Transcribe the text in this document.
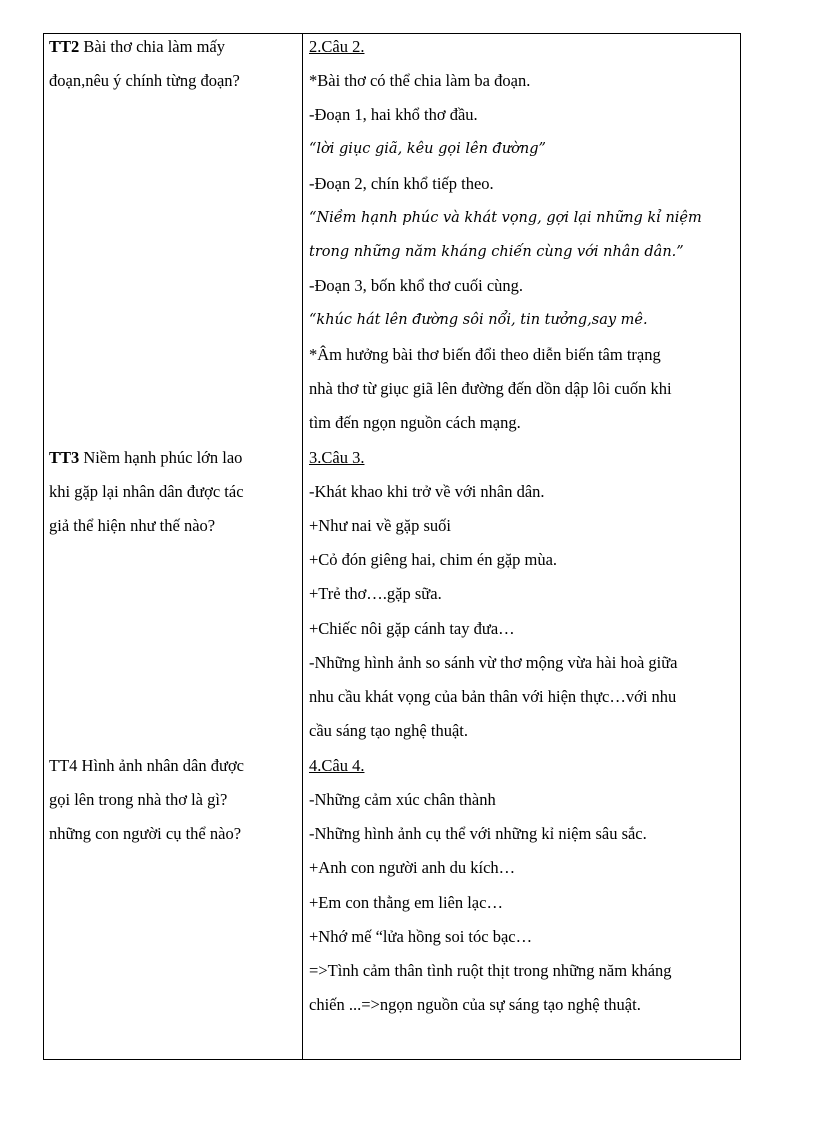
TT2 Bài thơ chia làm mấy
đoạn,nêu ý chính từng đoạn?
TT3 Niềm hạnh phúc lớn lao
khi gặp lại nhân dân được tác
giả thể hiện như thế nào?
TT4 Hình ảnh nhân dân được
gọi lên trong nhà thơ là gì?
những con người cụ thể nào?
2.Câu 2.
*Bài thơ có thể chia làm ba đoạn.
-Đoạn 1, hai khổ thơ đầu.
“lời giục giã, kêu gọi lên đường”
-Đoạn 2, chín khổ tiếp theo.
“Niềm hạnh phúc và khát vọng, gợi lại những kỉ niệm
trong những năm kháng chiến cùng với nhân dân.”
-Đoạn 3, bốn khổ thơ cuối cùng.
“khúc hát lên đường sôi nổi, tin tưởng,say mê.
*Âm hưởng bài thơ biến đổi theo diễn biến tâm trạng
nhà thơ từ giục giã lên đường đến dồn dập lôi cuốn khi
tìm đến ngọn nguồn cách mạng.
3.Câu 3.
-Khát khao khi trở về với nhân dân.
+Như nai về gặp suối
+Cỏ đón giêng hai, chim én gặp mùa.
+Trẻ thơ….gặp sữa.
+Chiếc nôi gặp cánh tay đưa…
-Những hình ảnh so sánh vừ thơ mộng vừa hài hoà giữa
nhu cầu khát vọng của bản thân với hiện thực…với nhu
cầu sáng tạo nghệ thuật.
4.Câu 4.
-Những cảm xúc chân thành
-Những hình ảnh cụ thể với những kỉ niệm sâu sắc.
+Anh con người anh du kích…
+Em con thằng em liên lạc…
+Nhớ mế “lửa hồng soi tóc bạc…
=>Tình cảm thân tình ruột thịt trong những năm kháng
chiến ...=>ngọn nguồn của sự sáng tạo nghệ thuật.
